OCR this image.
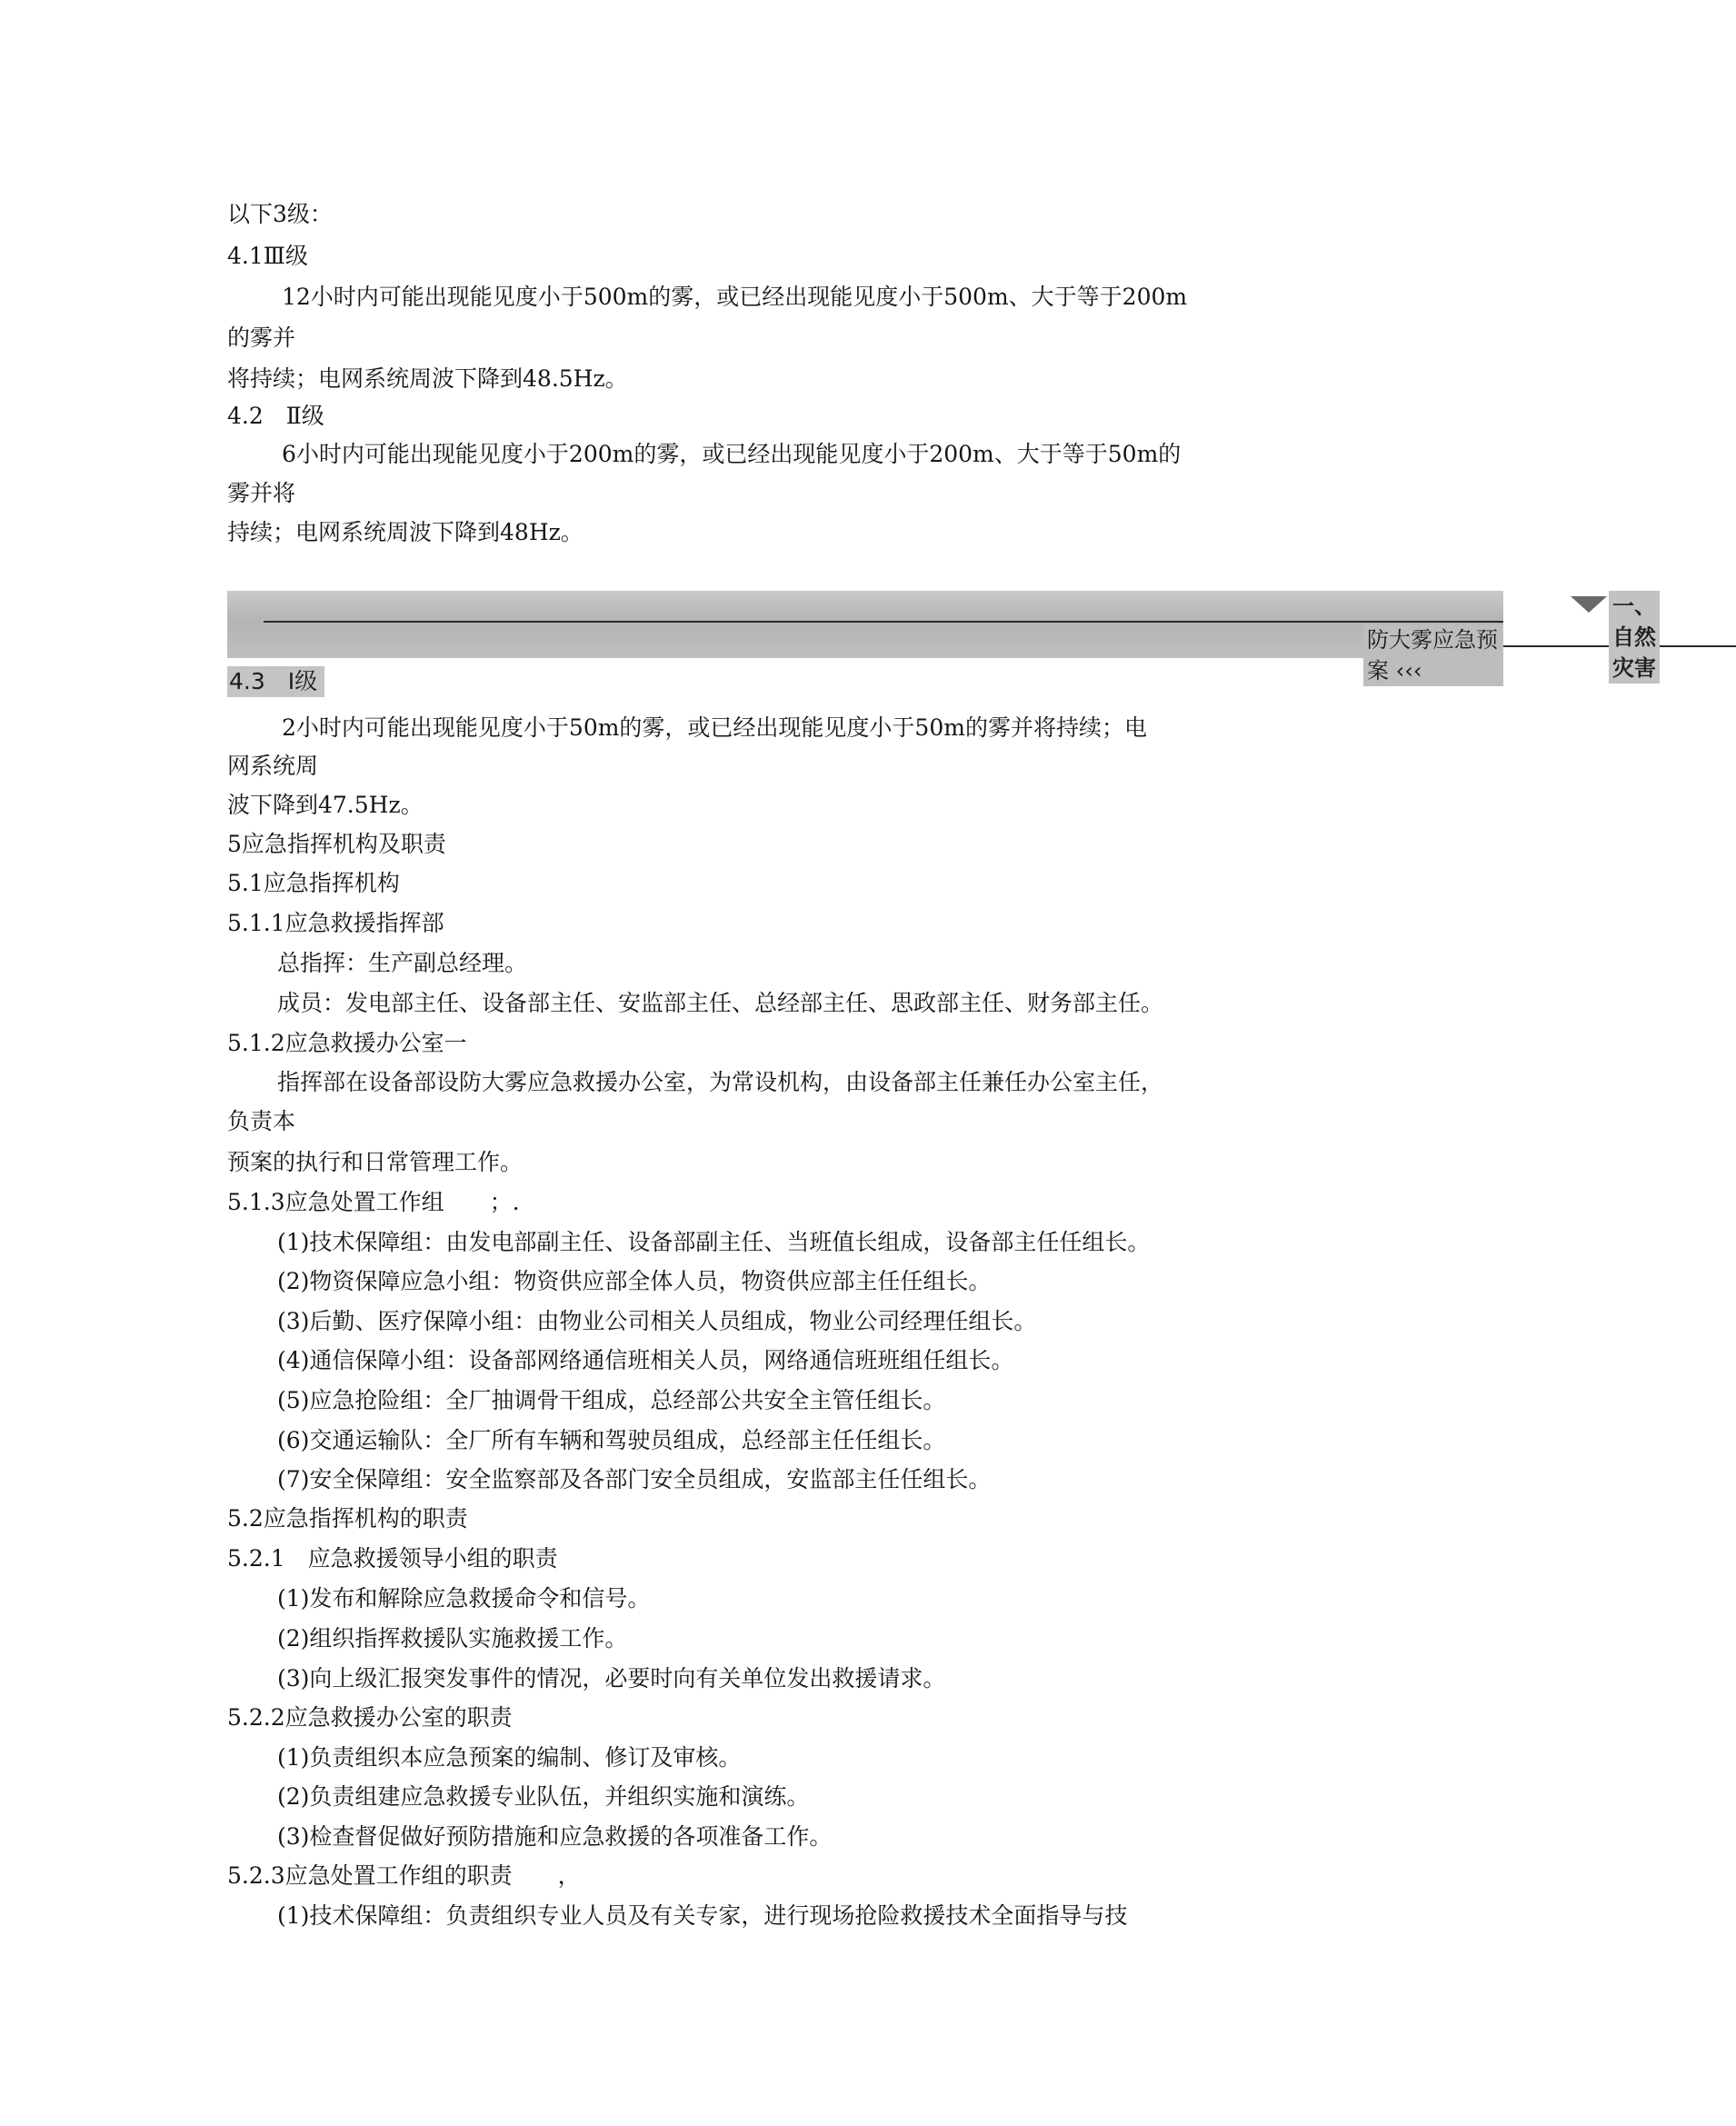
以下3级：
4.1Ⅲ级
12小时内可能出现能见度小于500m的雾，或已经出现能见度小于500m、大于等于200m
的雾并
将持续；电网系统周波下降到48.5Hz。
4.2　Ⅱ级
6小时内可能出现能见度小于200m的雾，或已经出现能见度小于200m、大于等于50m的
雾并将
持续；电网系统周波下降到48Hz。
一、自然灾害
防大雾应急预案 ‹‹‹
4.3　Ⅰ级
2小时内可能出现能见度小于50m的雾，或已经出现能见度小于50m的雾并将持续；电
网系统周
波下降到47.5Hz。
5应急指挥机构及职责
5.1应急指挥机构
5.1.1应急救援指挥部
总指挥：生产副总经理。
成员：发电部主任、设备部主任、安监部主任、总经部主任、思政部主任、财务部主任。
5.1.2应急救援办公室一
指挥部在设备部设防大雾应急救援办公室，为常设机构，由设备部主任兼任办公室主任，
负责本
预案的执行和日常管理工作。
5.1.3应急处置工作组　　；.
(1)技术保障组：由发电部副主任、设备部副主任、当班值长组成，设备部主任任组长。
(2)物资保障应急小组：物资供应部全体人员，物资供应部主任任组长。
(3)后勤、医疗保障小组：由物业公司相关人员组成，物业公司经理任组长。
(4)通信保障小组：设备部网络通信班相关人员，网络通信班班组任组长。
(5)应急抢险组：全厂抽调骨干组成，总经部公共安全主管任组长。
(6)交通运输队：全厂所有车辆和驾驶员组成，总经部主任任组长。
(7)安全保障组：安全监察部及各部门安全员组成，安监部主任任组长。
5.2应急指挥机构的职责
5.2.1　应急救援领导小组的职责
(1)发布和解除应急救援命令和信号。
(2)组织指挥救援队实施救援工作。
(3)向上级汇报突发事件的情况，必要时向有关单位发出救援请求。
5.2.2应急救援办公室的职责
(1)负责组织本应急预案的编制、修订及审核。
(2)负责组建应急救援专业队伍，并组织实施和演练。
(3)检查督促做好预防措施和应急救援的各项准备工作。
5.2.3应急处置工作组的职责　　，
(1)技术保障组：负责组织专业人员及有关专家，进行现场抢险救援技术全面指导与技
